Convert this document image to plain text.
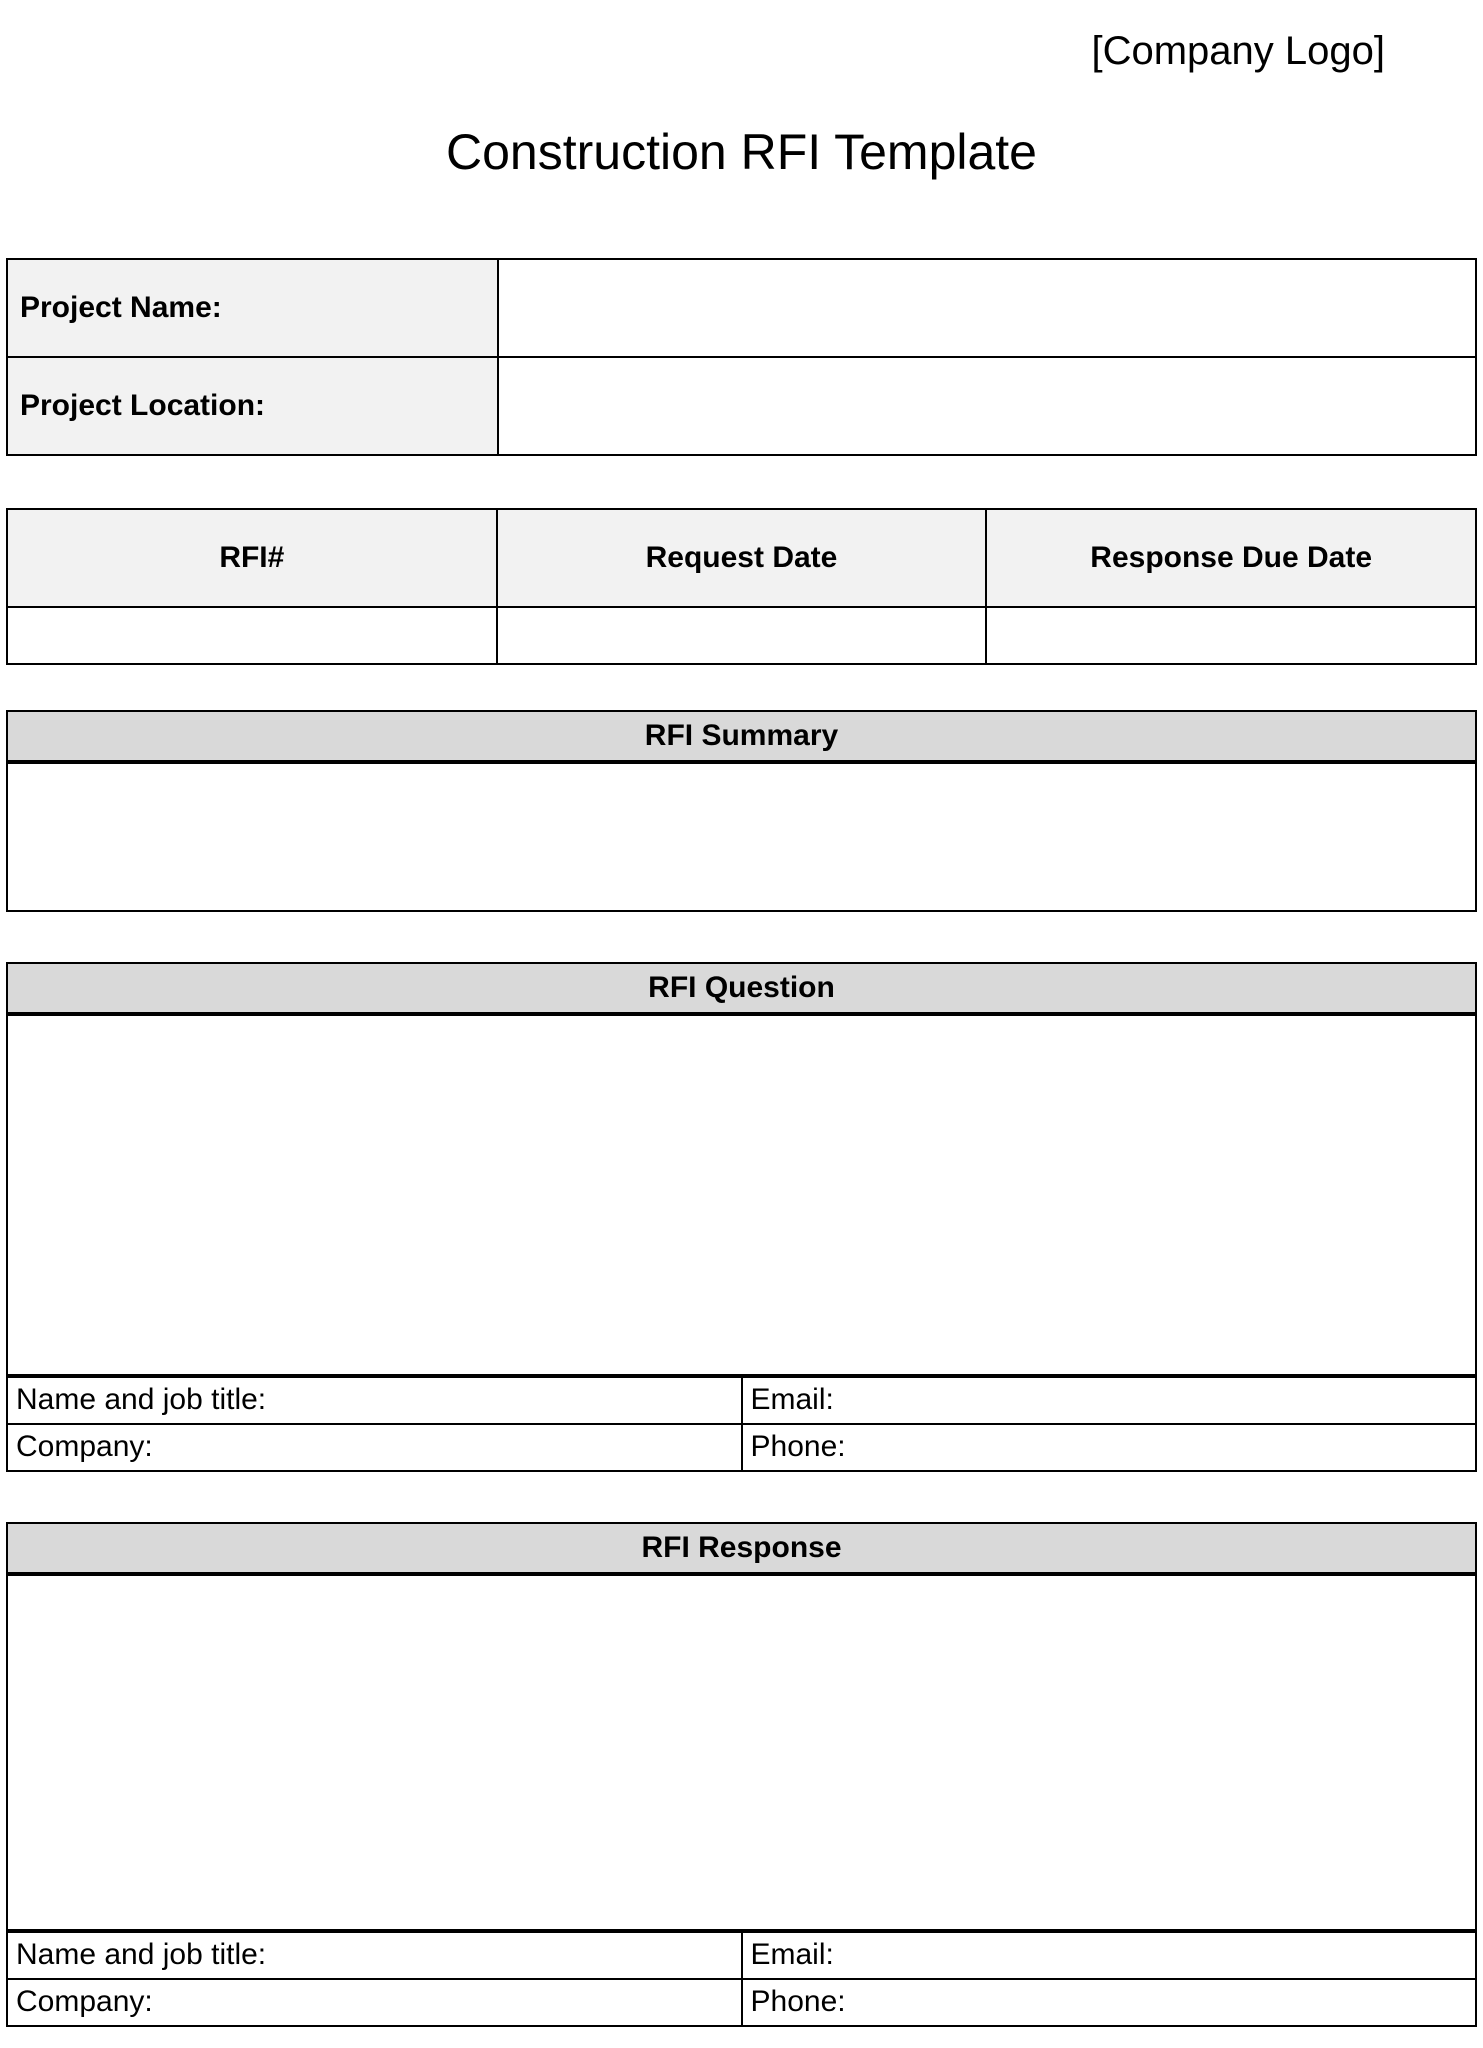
[Company Logo]
Construction RFI Template
Project Name:	
Project Location:	
RFI#	Request Date	Response Due Date

RFI Summary
RFI Question
Name and job title:	Email:
Company:	Phone:
RFI Response
Name and job title:	Email:
Company:	Phone:
